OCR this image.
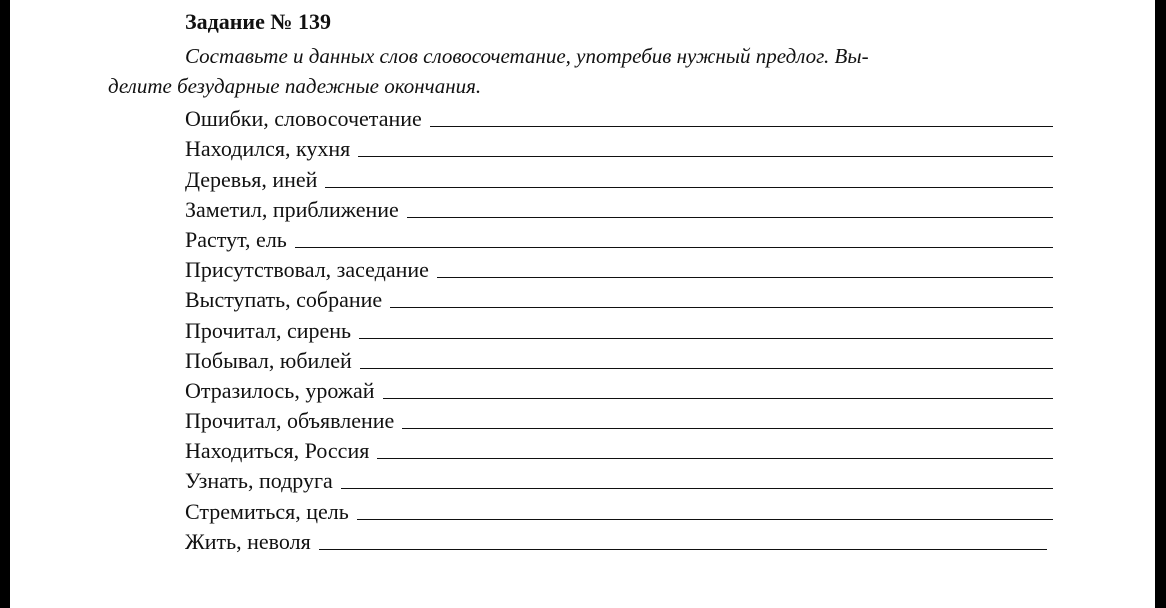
Задание № 139
Составьте и данных слов словосочетание, употребив нужный предлог. Вы-
делите безударные падежные окончания.
Ошибки, словосочетание
Находился, кухня
Деревья, иней
Заметил, приближение
Растут, ель
Присутствовал, заседание
Выступать, собрание
Прочитал, сирень
Побывал, юбилей
Отразилось, урожай
Прочитал, объявление
Находиться, Россия
Узнать, подруга
Стремиться, цель
Жить, неволя
